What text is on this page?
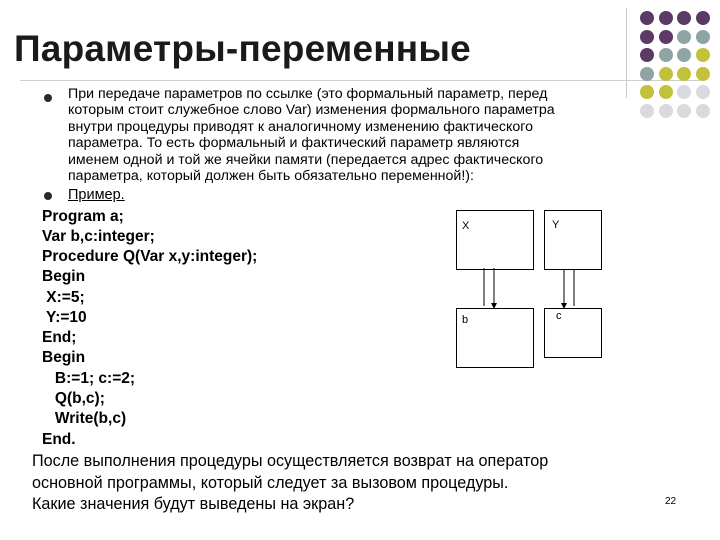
Параметры-переменные
При передаче параметров по ссылке (это формальный параметр, перед
которым стоит служебное слово Var) изменения формального параметра
внутри процедуры приводят к аналогичному изменению фактического
параметра. То есть формальный и фактический параметр являются
именем одной и той же ячейки памяти (передается адрес фактического
параметра, который должен быть обязательно переменной!):
Пример.
Program a;
Var b,c:integer;
Procedure Q(Var x,y:integer);
Begin
X:=5;
Y:=10
End;
Begin
B:=1; c:=2;
Q(b,c);
Write(b,c)
End.
X	Y
b	c
После выполнения процедуры осуществляется возврат на оператор
основной программы, который следует за вызовом процедуры.
Какие значения будут выведены на экран?	22
